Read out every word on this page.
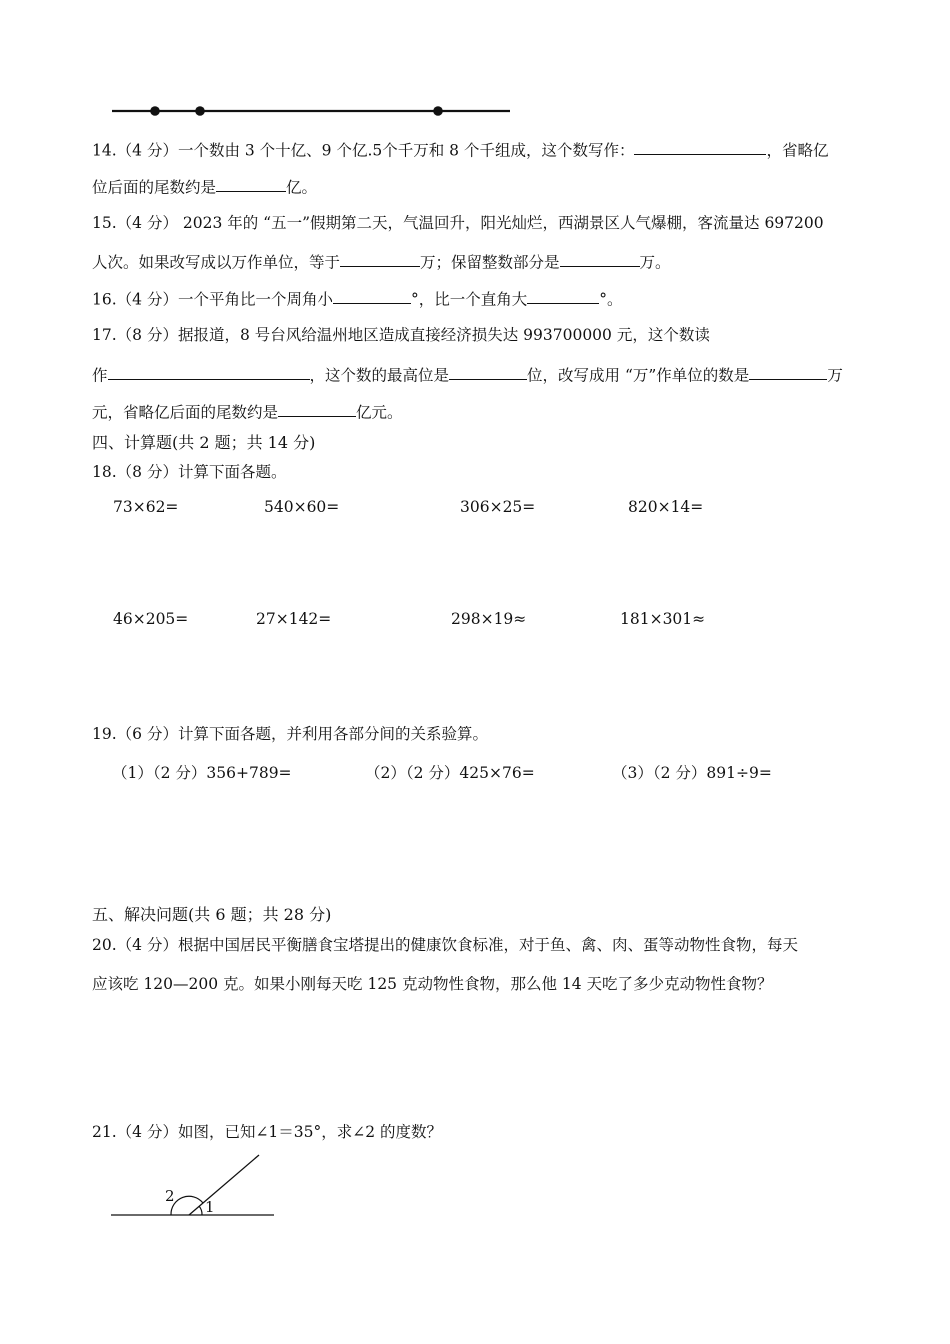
14.（4 分）一个数由 3 个十亿、9 个亿.5个千万和 8 个千组成，这个数写作：	，省略亿
位后面的尾数约是	亿。
15.（4 分） 2023 年的 “五一”假期第二天，气温回升，阳光灿烂，西湖景区人气爆棚，客流量达 697200
人次。如果改写成以万作单位，等于	万；保留整数部分是	万。
16.（4 分）一个平角比一个周角小	°，比一个直角大	°。
17.（8 分）据报道，8 号台风给温州地区造成直接经济损失达 993700000 元，这个数读
作	，这个数的最高位是	位，改写成用 “万”作单位的数是	万
元，省略亿后面的尾数约是	亿元。
四、计算题(共 2 题；共 14 分)
18.（8 分）计算下面各题。
73×62=	540×60=	306×25=	820×14=
46×205=	27×142=	298×19≈	181×301≈
19.（6 分）计算下面各题，并利用各部分间的关系验算。
（1）（2 分）356+789=	（2）（2 分）425×76=	（3）（2 分）891÷9=
五、解决问题(共 6 题；共 28 分)
20.（4 分）根据中国居民平衡膳食宝塔提出的健康饮食标准，对于鱼、禽、肉、蛋等动物性食物，每天
应该吃 120—200 克。如果小刚每天吃 125 克动物性食物，那么他 14 天吃了多少克动物性食物？
21.（4 分）如图，已知∠1＝35°，求∠2 的度数？
2
1
